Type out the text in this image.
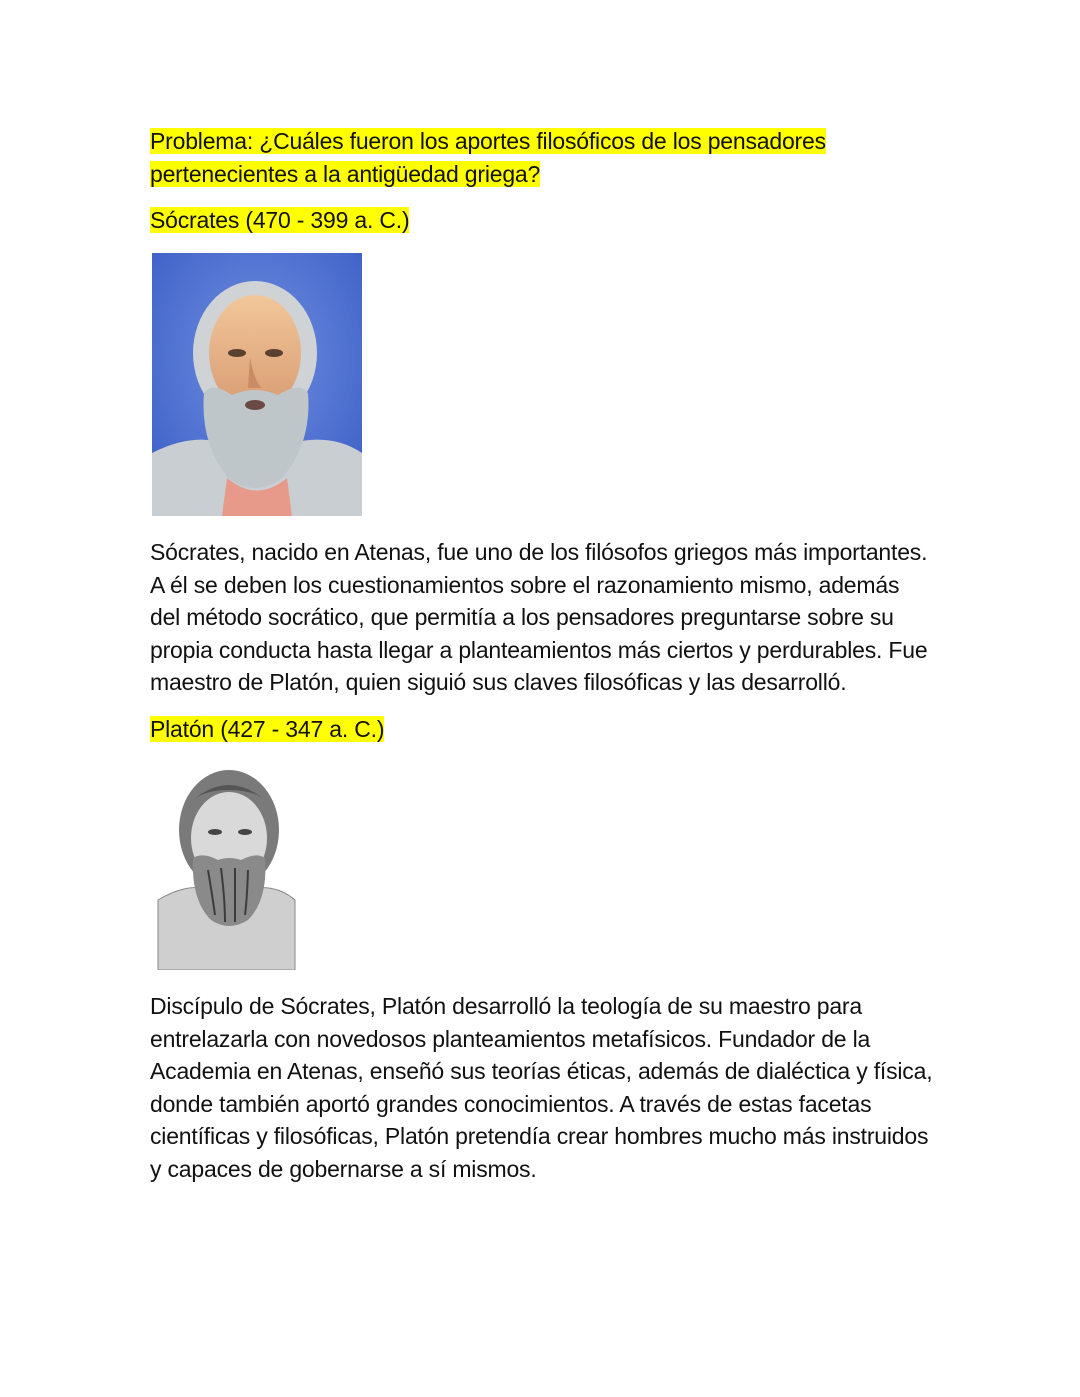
Problema: ¿Cuáles fueron los aportes filosóficos de los pensadores
pertenecientes a la antigüedad griega?
Sócrates (470 - 399 a. C.)
Sócrates, nacido en Atenas, fue uno de los filósofos griegos más importantes.
A él se deben los cuestionamientos sobre el razonamiento mismo, además
del método socrático, que permitía a los pensadores preguntarse sobre su
propia conducta hasta llegar a planteamientos más ciertos y perdurables. Fue
maestro de Platón, quien siguió sus claves filosóficas y las desarrolló.
Platón (427 - 347 a. C.)
Discípulo de Sócrates, Platón desarrolló la teología de su maestro para
entrelazarla con novedosos planteamientos metafísicos. Fundador de la
Academia en Atenas, enseñó sus teorías éticas, además de dialéctica y física,
donde también aportó grandes conocimientos. A través de estas facetas
científicas y filosóficas, Platón pretendía crear hombres mucho más instruidos
y capaces de gobernarse a sí mismos.
